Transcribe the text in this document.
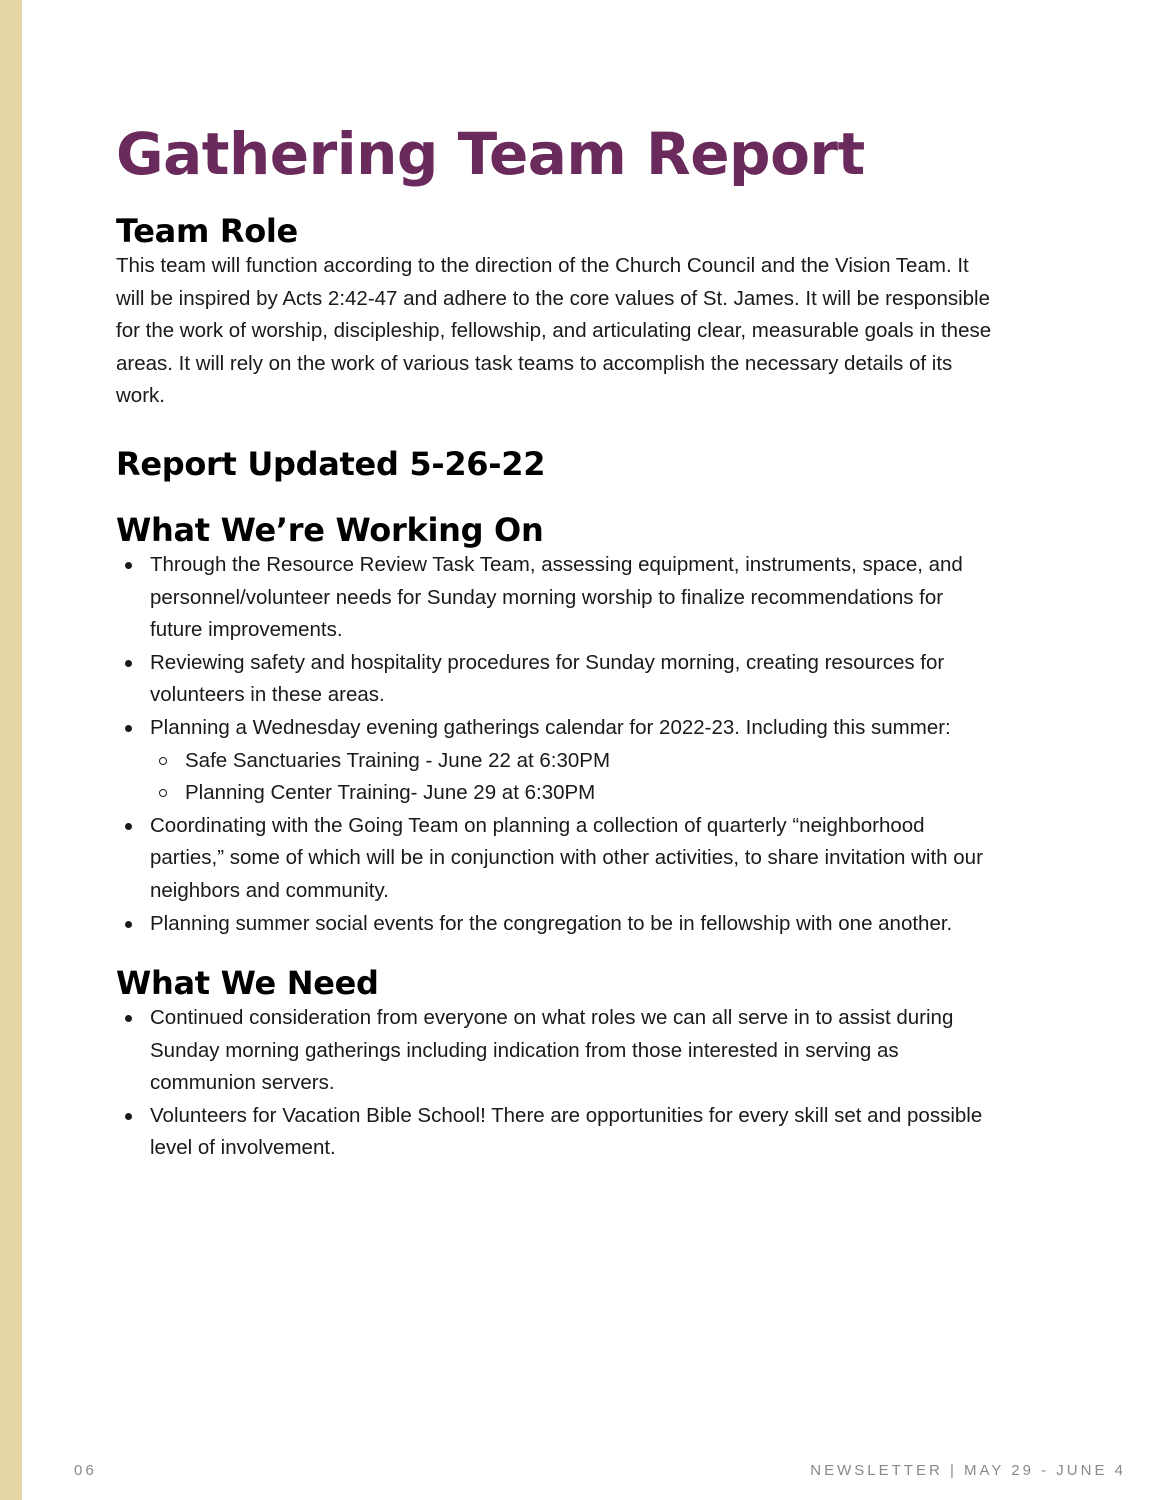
Gathering Team Report
Team Role

This team will function according to the direction of the Church Council and the Vision Team. It will be inspired by Acts 2:42-47 and adhere to the core values of St. James. It will be responsible for the work of worship, discipleship, fellowship, and articulating clear, measurable goals in these areas. It will rely on the work of various task teams to accomplish the necessary details of its work.

Report Updated 5-26-22
What We’re Working On
Through the Resource Review Task Team, assessing equipment, instruments, space, and personnel/volunteer needs for Sunday morning worship to finalize recommendations for future improvements.
Reviewing safety and hospitality procedures for Sunday morning, creating resources for volunteers in these areas.
Planning a Wednesday evening gatherings calendar for 2022-23. Including this summer:
Safe Sanctuaries Training - June 22 at 6:30PM
Planning Center Training- June 29 at 6:30PM
Coordinating with the Going Team on planning a collection of quarterly “neighborhood parties,” some of which will be in conjunction with other activities, to share invitation with our neighbors and community.
Planning summer social events for the congregation to be in fellowship with one another.
What We Need
Continued consideration from everyone on what roles we can all serve in to assist during Sunday morning gatherings including indication from those interested in serving as communion servers.
Volunteers for Vacation Bible School! There are opportunities for every skill set and possible level of involvement.
06	NEWSLETTER | MAY 29 - JUNE 4
